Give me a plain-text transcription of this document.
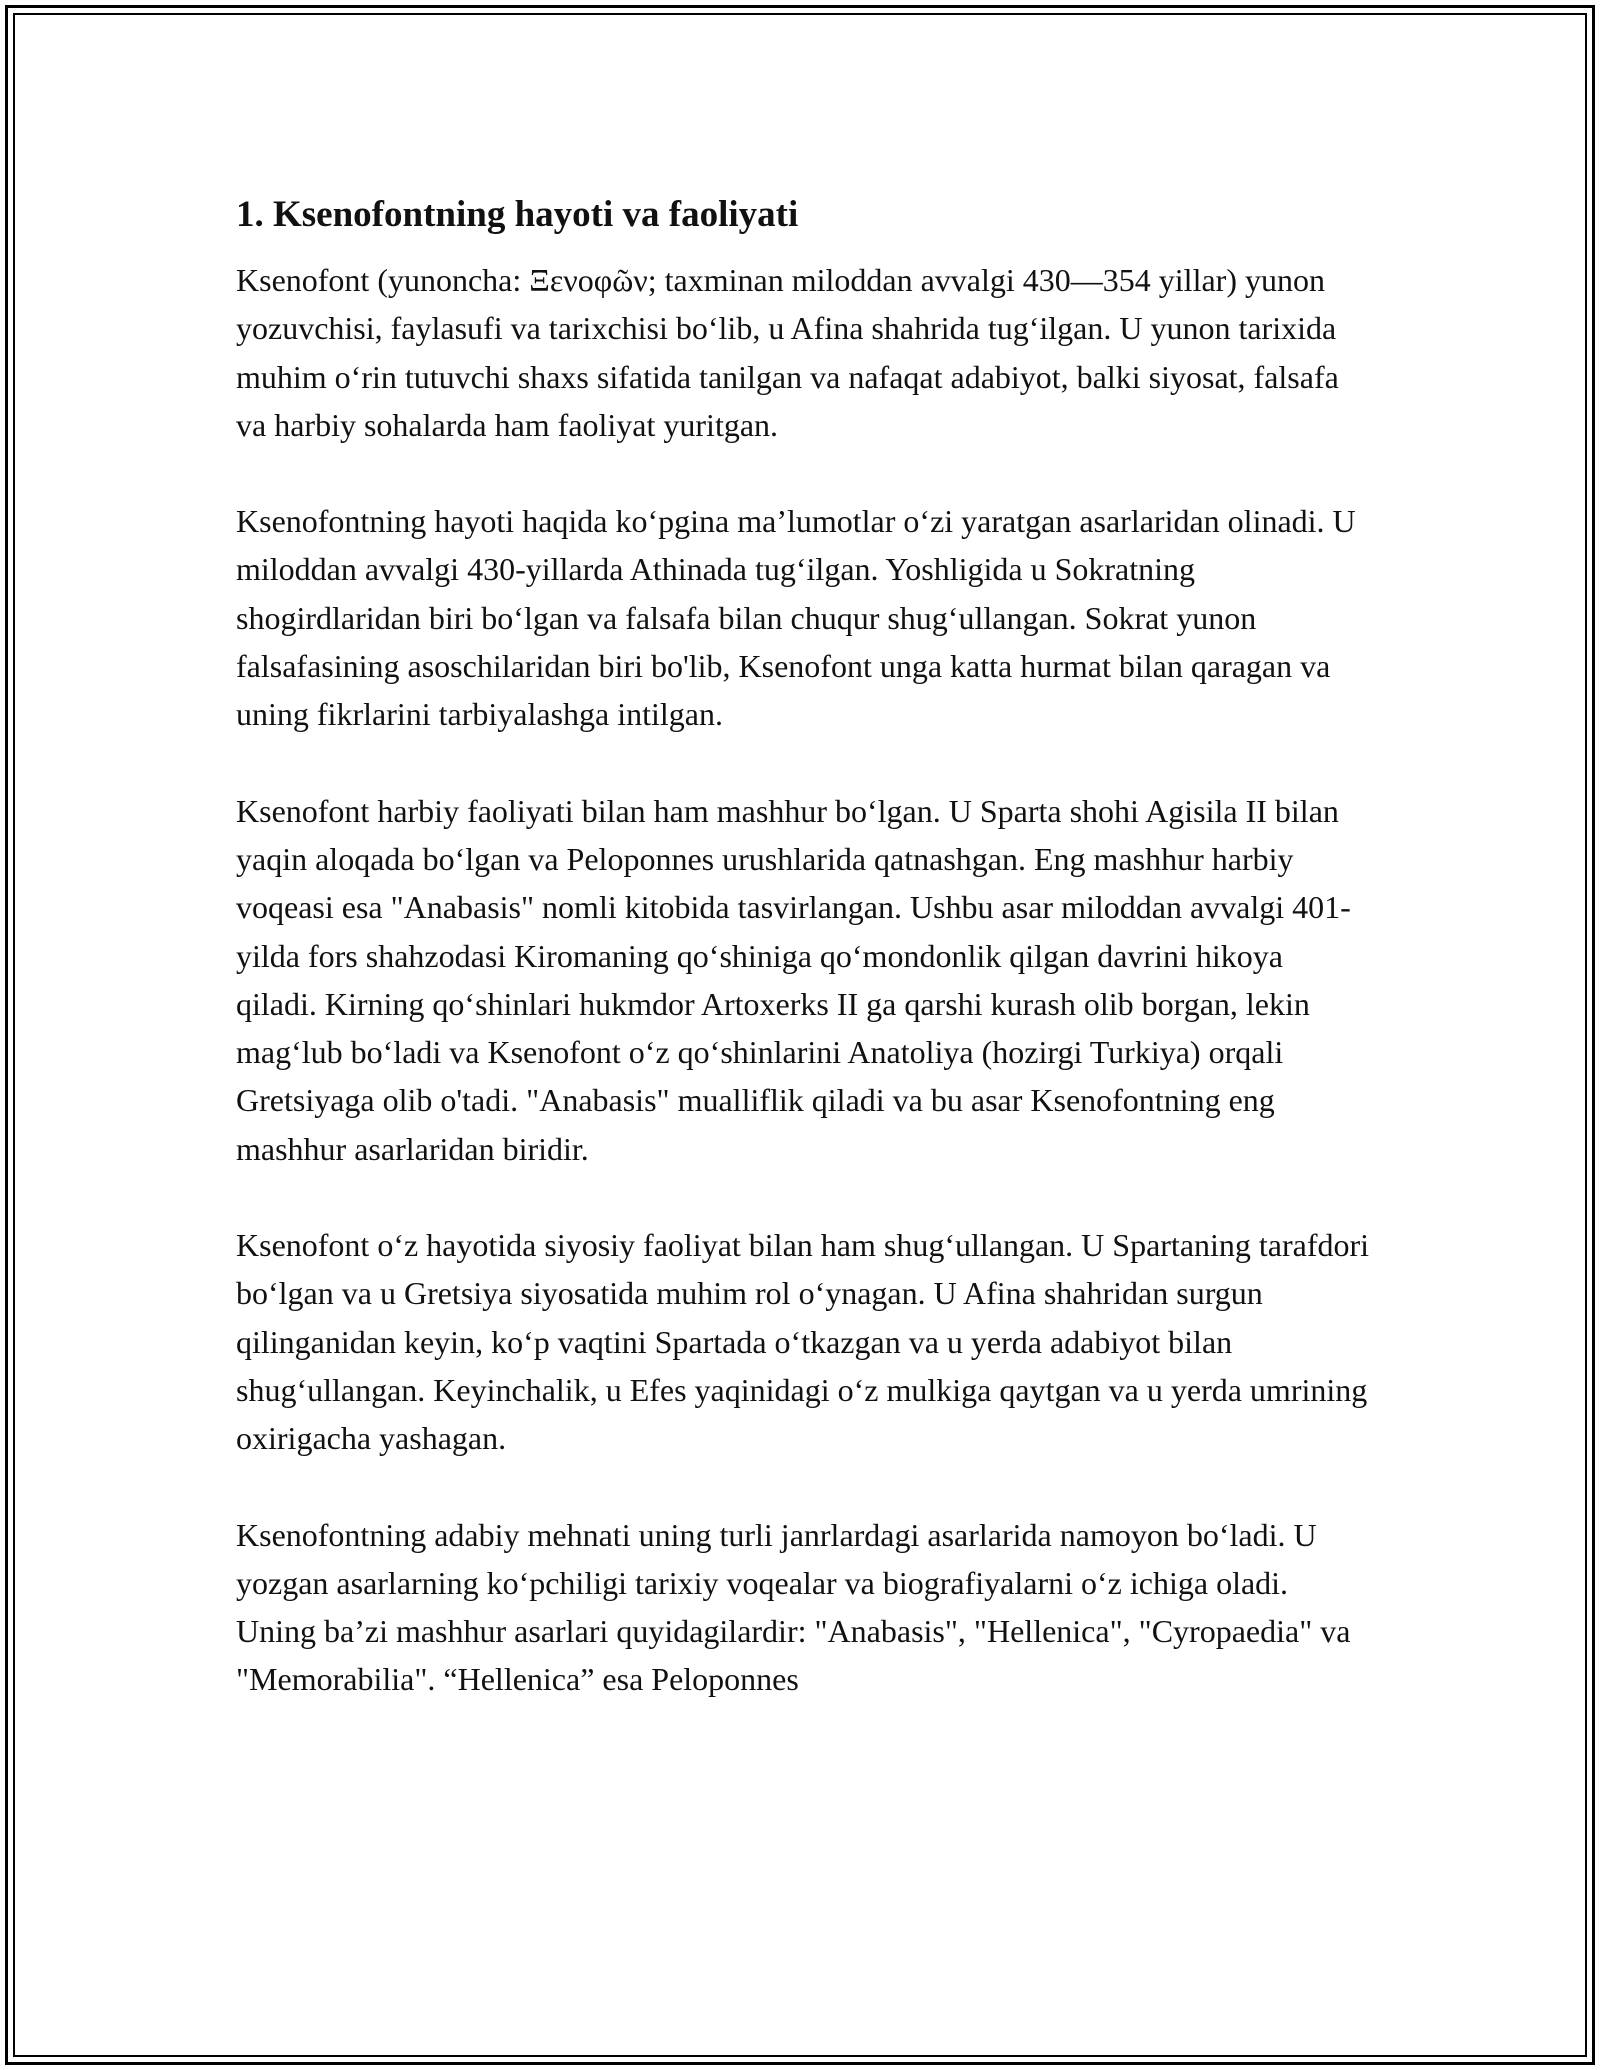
1. Ksenofontning hayoti va faoliyati

Ksenofont (yunoncha: Ξενοφῶν; taxminan miloddan avvalgi 430—354 yillar) yunon yozuvchisi, faylasufi va tarixchisi boʻlib, u Afina shahrida tugʻilgan. U yunon tarixida muhim oʻrin tutuvchi shaxs sifatida tanilgan va nafaqat adabiyot, balki siyosat, falsafa va harbiy sohalarda ham faoliyat yuritgan.

Ksenofontning hayoti haqida koʻpgina maʼlumotlar oʻzi yaratgan asarlaridan olinadi. U miloddan avvalgi 430-yillarda Athinada tugʻilgan. Yoshligida u Sokratning shogirdlaridan biri boʻlgan va falsafa bilan chuqur shugʻullangan. Sokrat yunon falsafasining asoschilaridan biri bo'lib, Ksenofont unga katta hurmat bilan qaragan va uning fikrlarini tarbiyalashga intilgan.

Ksenofont harbiy faoliyati bilan ham mashhur boʻlgan. U Sparta shohi Agisila II bilan yaqin aloqada boʻlgan va Peloponnes urushlarida qatnashgan. Eng mashhur harbiy voqeasi esa "Anabasis" nomli kitobida tasvirlangan. Ushbu asar miloddan avvalgi 401-yilda fors shahzodasi Kiromaning qoʻshiniga qoʻmondonlik qilgan davrini hikoya qiladi. Kirning qoʻshinlari hukmdor Artoxerks II ga qarshi kurash olib borgan, lekin magʻlub boʻladi va Ksenofont oʻz qoʻshinlarini Anatoliya (hozirgi Turkiya) orqali Gretsiyaga olib o'tadi. "Anabasis" mualliflik qiladi va bu asar Ksenofontning eng mashhur asarlaridan biridir.

Ksenofont oʻz hayotida siyosiy faoliyat bilan ham shugʻullangan. U Spartaning tarafdori boʻlgan va u Gretsiya siyosatida muhim rol oʻynagan. U Afina shahridan surgun qilinganidan keyin, koʻp vaqtini Spartada oʻtkazgan va u yerda adabiyot bilan shugʻullangan. Keyinchalik, u Efes yaqinidagi oʻz mulkiga qaytgan va u yerda umrining oxirigacha yashagan.

Ksenofontning adabiy mehnati uning turli janrlardagi asarlarida namoyon boʻladi. U yozgan asarlarning koʻpchiligi tarixiy voqealar va biografiyalarni oʻz ichiga oladi. Uning baʼzi mashhur asarlari quyidagilardir: "Anabasis", "Hellenica", "Cyropaedia" va "Memorabilia". “Hellenica” esa Peloponnes
